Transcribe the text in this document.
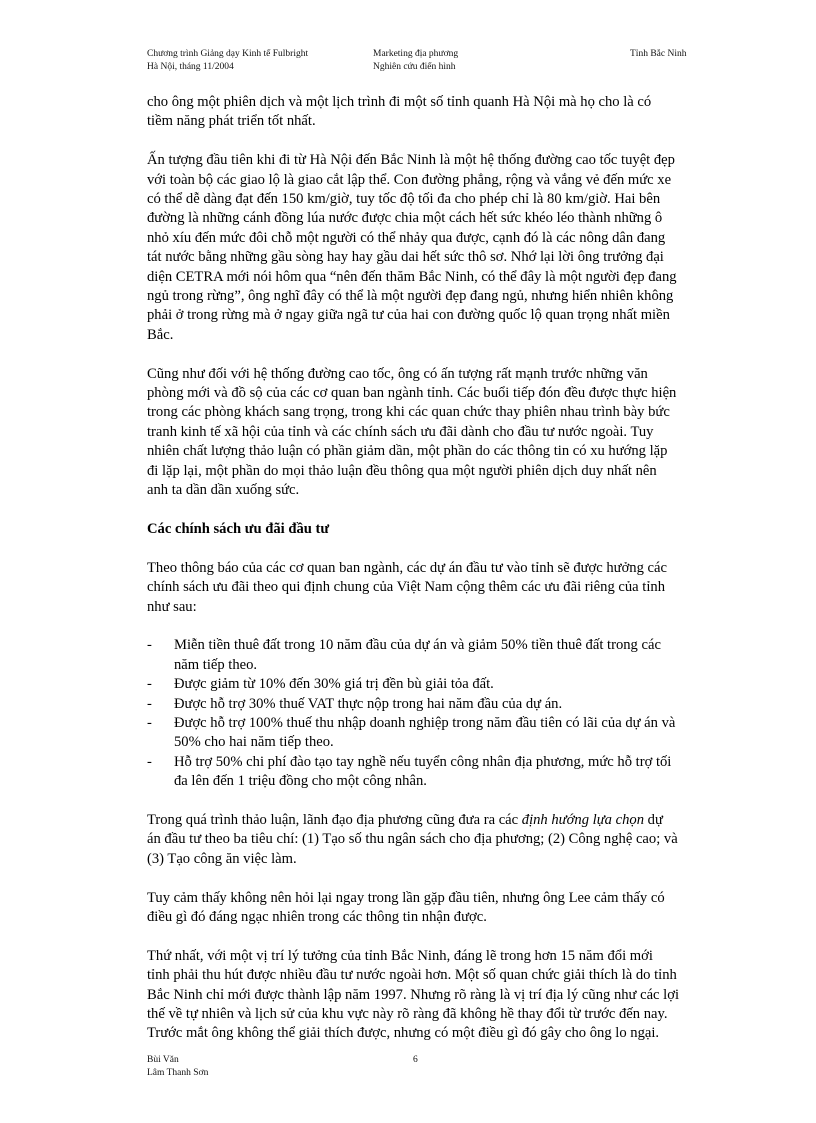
Chương trình Giảng dạy Kinh tế Fulbright
Hà Nội, tháng 11/2004
Marketing địa phương
Nghiên cứu điển hình
Tỉnh Bắc Ninh

cho ông một phiên dịch và một lịch trình đi một số tỉnh quanh Hà Nội mà họ cho là có tiềm năng phát triển tốt nhất.

Ấn tượng đầu tiên khi đi từ Hà Nội đến Bắc Ninh là một hệ thống đường cao tốc tuyệt đẹp với toàn bộ các giao lộ là giao cắt lập thể. Con đường phẳng, rộng và vắng vẻ đến mức xe có thể dễ dàng đạt đến 150 km/giờ, tuy tốc độ tối đa cho phép chỉ là 80 km/giờ. Hai bên đường là những cánh đồng lúa nước được chia một cách hết sức khéo léo thành những ô nhỏ xíu đến mức đôi chỗ một người có thể nhảy qua được, cạnh đó là các nông dân đang tát nước bằng những gầu sòng hay hay gầu dai hết sức thô sơ. Nhớ lại lời ông trưởng đại diện CETRA mới nói hôm qua “nên đến thăm Bắc Ninh, có thể đây là một người đẹp đang ngủ trong rừng”, ông nghĩ đây có thể là một người đẹp đang ngủ, nhưng hiển nhiên không phải ở trong rừng mà ở ngay giữa ngã tư của hai con đường quốc lộ quan trọng nhất miền Bắc.

Cũng như đối với hệ thống đường cao tốc, ông có ấn tượng rất mạnh trước những văn phòng mới và đồ sộ của các cơ quan ban ngành tỉnh. Các buổi tiếp đón đều được thực hiện trong các phòng khách sang trọng, trong khi các quan chức thay phiên nhau trình bày bức tranh kinh tế xã hội của tỉnh và các chính sách ưu đãi dành cho đầu tư nước ngoài. Tuy nhiên chất lượng thảo luận có phần giảm dần, một phần do các thông tin có xu hướng lặp đi lặp lại, một phần do mọi thảo luận đều thông qua một người phiên dịch duy nhất nên anh ta dần dần xuống sức.

Các chính sách ưu đãi đầu tư

Theo thông báo của các cơ quan ban ngành, các dự án đầu tư vào tỉnh sẽ được hưởng các chính sách ưu đãi theo qui định chung của Việt Nam cộng thêm các ưu đãi riêng của tỉnh như sau:

- Miễn tiền thuê đất trong 10 năm đầu của dự án và giảm 50% tiền thuê đất trong các năm tiếp theo.
- Được giảm từ 10% đến 30% giá trị đền bù giải tỏa đất.
- Được hỗ trợ 30% thuế VAT thực nộp trong hai năm đầu của dự án.
- Được hỗ trợ 100% thuế thu nhập doanh nghiệp trong năm đầu tiên có lãi của dự án và 50% cho hai năm tiếp theo.
- Hỗ trợ 50% chi phí đào tạo tay nghề nếu tuyển công nhân địa phương, mức hỗ trợ tối đa lên đến 1 triệu đồng cho một công nhân.

Trong quá trình thảo luận, lãnh đạo địa phương cũng đưa ra các định hướng lựa chọn dự án đầu tư theo ba tiêu chí: (1) Tạo số thu ngân sách cho địa phương; (2) Công nghệ cao; và (3) Tạo công ăn việc làm.

Tuy cảm thấy không nên hỏi lại ngay trong lần gặp đầu tiên, nhưng ông Lee cảm thấy có điều gì đó đáng ngạc nhiên trong các thông tin nhận được.

Thứ nhất, với một vị trí lý tưởng của tỉnh Bắc Ninh, đáng lẽ trong hơn 15 năm đổi mới tỉnh phải thu hút được nhiều đầu tư nước ngoài hơn. Một số quan chức giải thích là do tỉnh Bắc Ninh chỉ mới được thành lập năm 1997. Nhưng rõ ràng là vị trí địa lý cũng như các lợi thế về tự nhiên và lịch sử của khu vực này rõ ràng đã không hề thay đổi từ trước đến nay. Trước mắt ông không thể giải thích được, nhưng có một điều gì đó gây cho ông lo ngại.

Bùi Văn
Lâm Thanh Sơn
6
